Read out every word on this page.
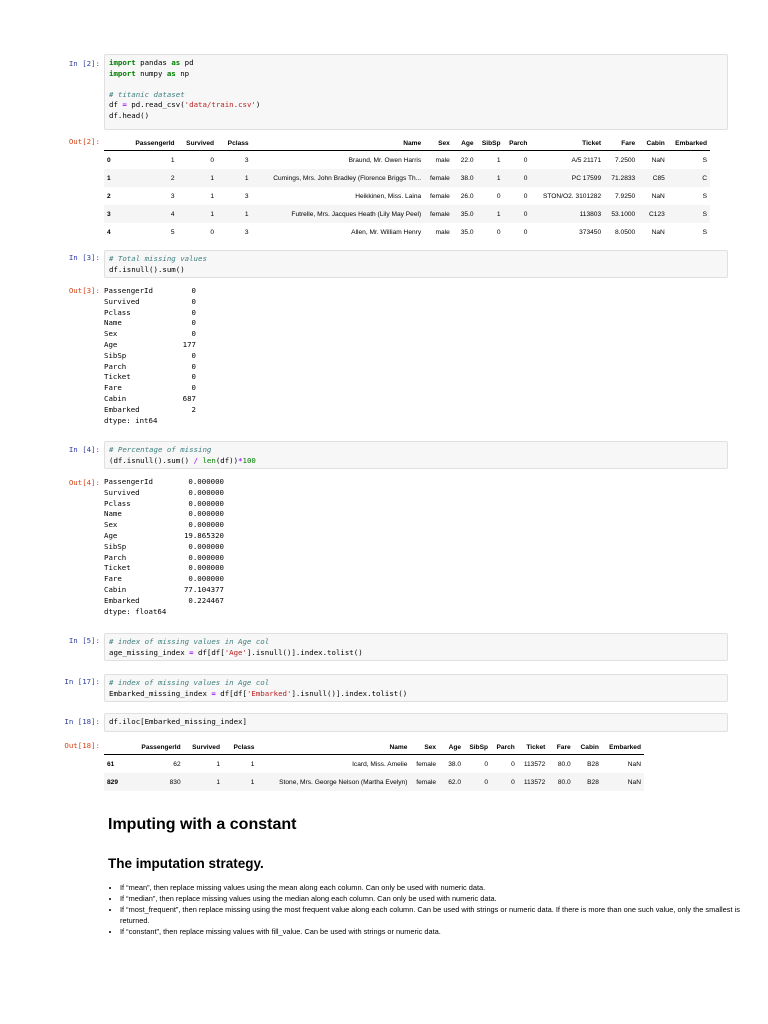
In [2]: import pandas as pd
import numpy as np

# titanic dataset
df = pd.read_csv('data/train.csv')
df.head()
Out[2]:
		PassengerId	Survived	Pclass	Name	Sex	Age	SibSp	Parch	Ticket	Fare	Cabin	Embarked
0	1	0	3	Braund, Mr. Owen Harris	male	22.0	1	0	A/5 21171	7.2500	NaN	S
1	2	1	1	Cumings, Mrs. John Bradley (Florence Briggs Th...	female	38.0	1	0	PC 17599	71.2833	C85	C
2	3	1	3	Heikkinen, Miss. Laina	female	26.0	0	0	STON/O2. 3101282	7.9250	NaN	S
3	4	1	1	Futrelle, Mrs. Jacques Heath (Lily May Peel)	female	35.0	1	0	113803	53.1000	C123	S
4	5	0	3	Allen, Mr. William Henry	male	35.0	0	0	373450	8.0500	NaN	S
In [3]: # Total missing values
df.isnull().sum()
Out[3]: PassengerId	0
Survived	0
Pclass	0
Name	0
Sex	0
Age	177
SibSp	0
Parch	0
Ticket	0
Fare	0
Cabin	687
Embarked	2
dtype: int64
In [4]: # Percentage of missing
(df.isnull().sum() / len(df))*100
Out[4]: PassengerId	0.000000
Survived	0.000000
Pclass	0.000000
Name	0.000000
Sex	0.000000
Age	19.865320
SibSp	0.000000
Parch	0.000000
Ticket	0.000000
Fare	0.000000
Cabin	77.104377
Embarked	0.224467
dtype: float64
In [5]: # index of missing values in Age col
age_missing_index = df[df['Age'].isnull()].index.tolist()
In [17]: # index of missing values in Age col
Embarked_missing_index = df[df['Embarked'].isnull()].index.tolist()
In [18]: df.iloc[Embarked_missing_index]
Out[18]:
		PassengerId	Survived	Pclass	Name	Sex	Age	SibSp	Parch	Ticket	Fare	Cabin	Embarked
61	62	1	1	Icard, Miss. Amelie	female	38.0	0	0	113572	80.0	B28	NaN
829	830	1	1	Stone, Mrs. George Nelson (Martha Evelyn)	female	62.0	0	0	113572	80.0	B28	NaN
Imputing with a constant
The imputation strategy.
• If “mean”, then replace missing values using the mean along each column. Can only be used with numeric data.
• If “median”, then replace missing values using the median along each column. Can only be used with numeric data.
• If “most_frequent”, then replace missing using the most frequent value along each column. Can be used with strings or numeric data. If there is more than one such value, only the smallest is returned.
• If “constant”, then replace missing values with fill_value. Can be used with strings or numeric data.
